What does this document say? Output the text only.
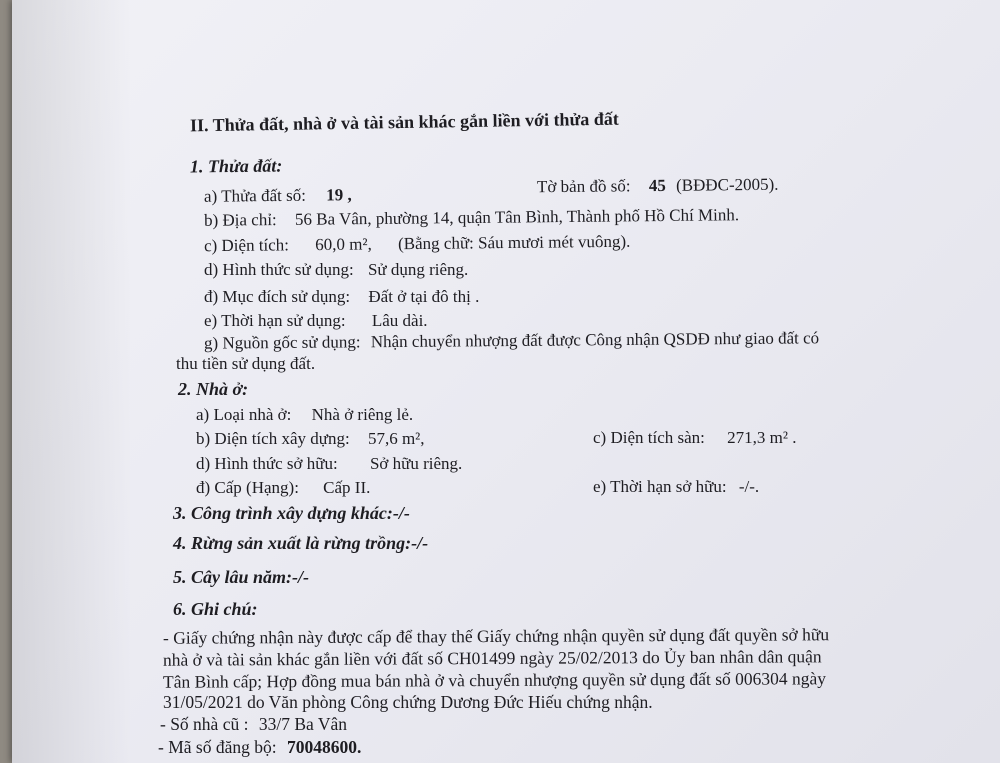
II. Thửa đất, nhà ở và tài sản khác gắn liền với thửa đất
1. Thửa đất:
a) Thửa đất số: 19 ,	Tờ bản đồ số: 45 (BĐĐC-2005).
b) Địa chỉ: 56 Ba Vân, phường 14, quận Tân Bình, Thành phố Hồ Chí Minh.
c) Diện tích: 60,0 m², (Bằng chữ: Sáu mươi mét vuông).
d) Hình thức sử dụng: Sử dụng riêng.
đ) Mục đích sử dụng: Đất ở tại đô thị .
e) Thời hạn sử dụng: Lâu dài.
g) Nguồn gốc sử dụng: Nhận chuyển nhượng đất được Công nhận QSDĐ như giao đất có
thu tiền sử dụng đất.
2. Nhà ở:
a) Loại nhà ở: Nhà ở riêng lẻ.
b) Diện tích xây dựng: 57,6 m²,	c) Diện tích sàn: 271,3 m² .
d) Hình thức sở hữu: Sở hữu riêng.
đ) Cấp (Hạng): Cấp II.	e) Thời hạn sở hữu: -/-.
3. Công trình xây dựng khác:-/-
4. Rừng sản xuất là rừng trồng:-/-
5. Cây lâu năm:-/-
6. Ghi chú:
- Giấy chứng nhận này được cấp để thay thế Giấy chứng nhận quyền sử dụng đất quyền sở hữu
nhà ở và tài sản khác gắn liền với đất số CH01499 ngày 25/02/2013 do Ủy ban nhân dân quận
Tân Bình cấp; Hợp đồng mua bán nhà ở và chuyển nhượng quyền sử dụng đất số 006304 ngày
31/05/2021 do Văn phòng Công chứng Dương Đức Hiếu chứng nhận.
- Số nhà cũ : 33/7 Ba Vân
- Mã số đăng bộ: 70048600.
